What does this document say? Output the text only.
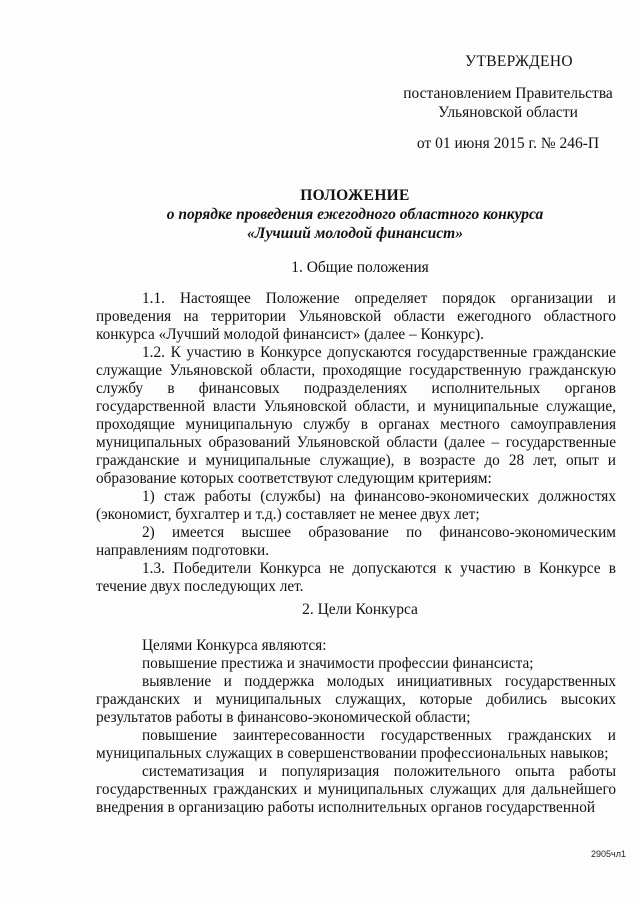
УТВЕРЖДЕНО
постановлением Правительства
Ульяновской области
от 01 июня 2015 г. № 246-П
ПОЛОЖЕНИЕ
о порядке проведения ежегодного областного конкурса
«Лучший молодой финансист»
1. Общие положения

1.1. Настоящее Положение определяет порядок организации и проведения на территории Ульяновской области ежегодного областного конкурса «Лучший молодой финансист» (далее – Конкурс).

1.2. К участию в Конкурсе допускаются государственные гражданские служащие Ульяновской области, проходящие государственную гражданскую службу в финансовых подразделениях исполнительных органов государственной власти Ульяновской области, и муниципальные служащие, проходящие муниципальную службу в органах местного самоуправления муниципальных образований Ульяновской области (далее – государственные гражданские и муниципальные служащие), в возрасте до 28 лет, опыт и образование которых соответствуют следующим критериям:

1) стаж работы (службы) на финансово-экономических должностях (экономист, бухгалтер и т.д.) составляет не менее двух лет;

2) имеется высшее образование по финансово-экономическим направлениям подготовки.

1.3. Победители Конкурса не допускаются к участию в Конкурсе в течение двух последующих лет.

2. Цели Конкурса

Целями Конкурса являются:

повышение престижа и значимости профессии финансиста;

выявление и поддержка молодых инициативных государственных гражданских и муниципальных служащих, которые добились высоких результатов работы в финансово-экономической области;

повышение заинтересованности государственных гражданских и муниципальных служащих в совершенствовании профессиональных навыков;

систематизация и популяризация положительного опыта работы государственных гражданских и муниципальных служащих для дальнейшего внедрения в организацию работы исполнительных органов государственной

2905чл1
